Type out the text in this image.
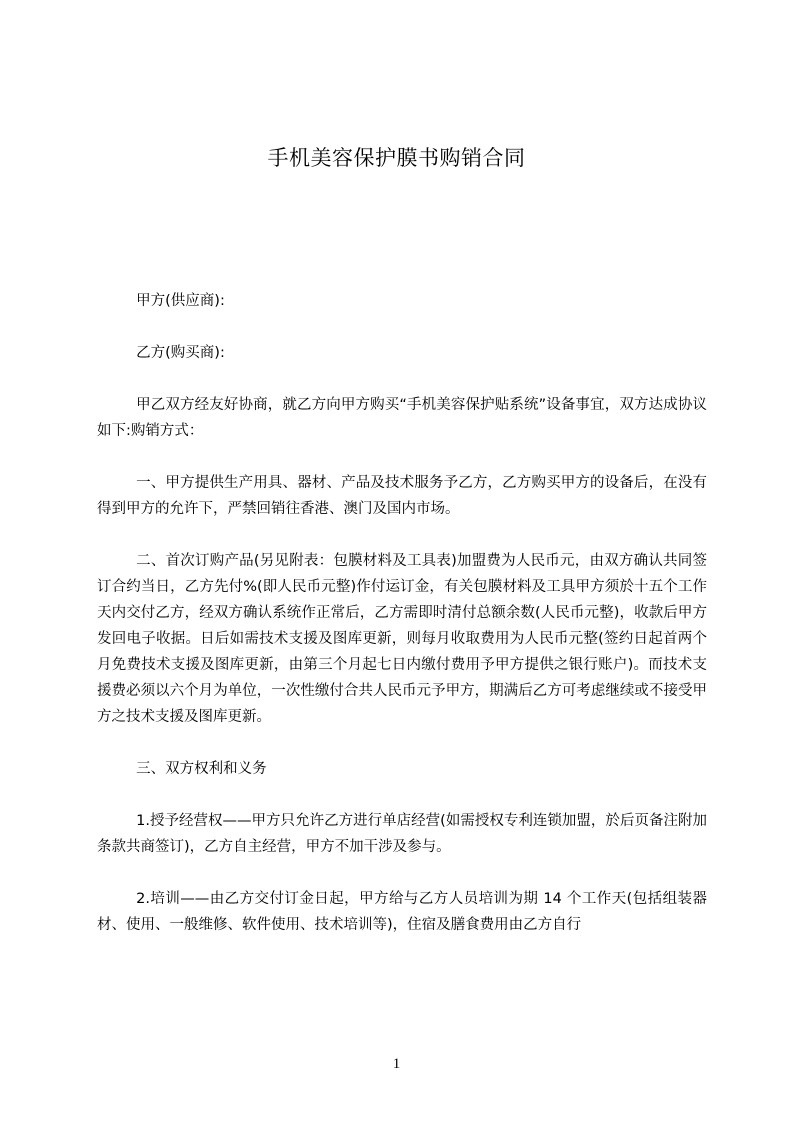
手机美容保护膜书购销合同

甲方(供应商):

乙方(购买商):

甲乙双方经友好协商，就乙方向甲方购买“手机美容保护贴系统”设备事宜，双方达成协议如下:购销方式：

一、甲方提供生产用具、器材、产品及技术服务予乙方，乙方购买甲方的设备后，在没有得到甲方的允许下，严禁回销往香港、澳门及国内市场。

二、首次订购产品(另见附表：包膜材料及工具表)加盟费为人民币元，由双方确认共同签订合约当日，乙方先付%(即人民币元整)作付运订金，有关包膜材料及工具甲方须於十五个工作天内交付乙方，经双方确认系统作正常后，乙方需即时清付总额余数(人民币元整)，收款后甲方发回电子收据。日后如需技术支援及图库更新，则每月收取费用为人民币元整(签约日起首两个月免费技术支援及图库更新，由第三个月起七日内缴付费用予甲方提供之银行账户)。而技术支援费必须以六个月为单位，一次性缴付合共人民币元予甲方，期满后乙方可考虑继续或不接受甲方之技术支援及图库更新。

三、双方权利和义务

1.授予经营权——甲方只允许乙方进行单店经营(如需授权专利连锁加盟，於后页备注附加条款共商签订)，乙方自主经营，甲方不加干涉及参与。

2.培训——由乙方交付订金日起，甲方给与乙方人员培训为期 14 个工作天(包括组装器材、使用、一般维修、软件使用、技术培训等)，住宿及膳食费用由乙方自行

1
